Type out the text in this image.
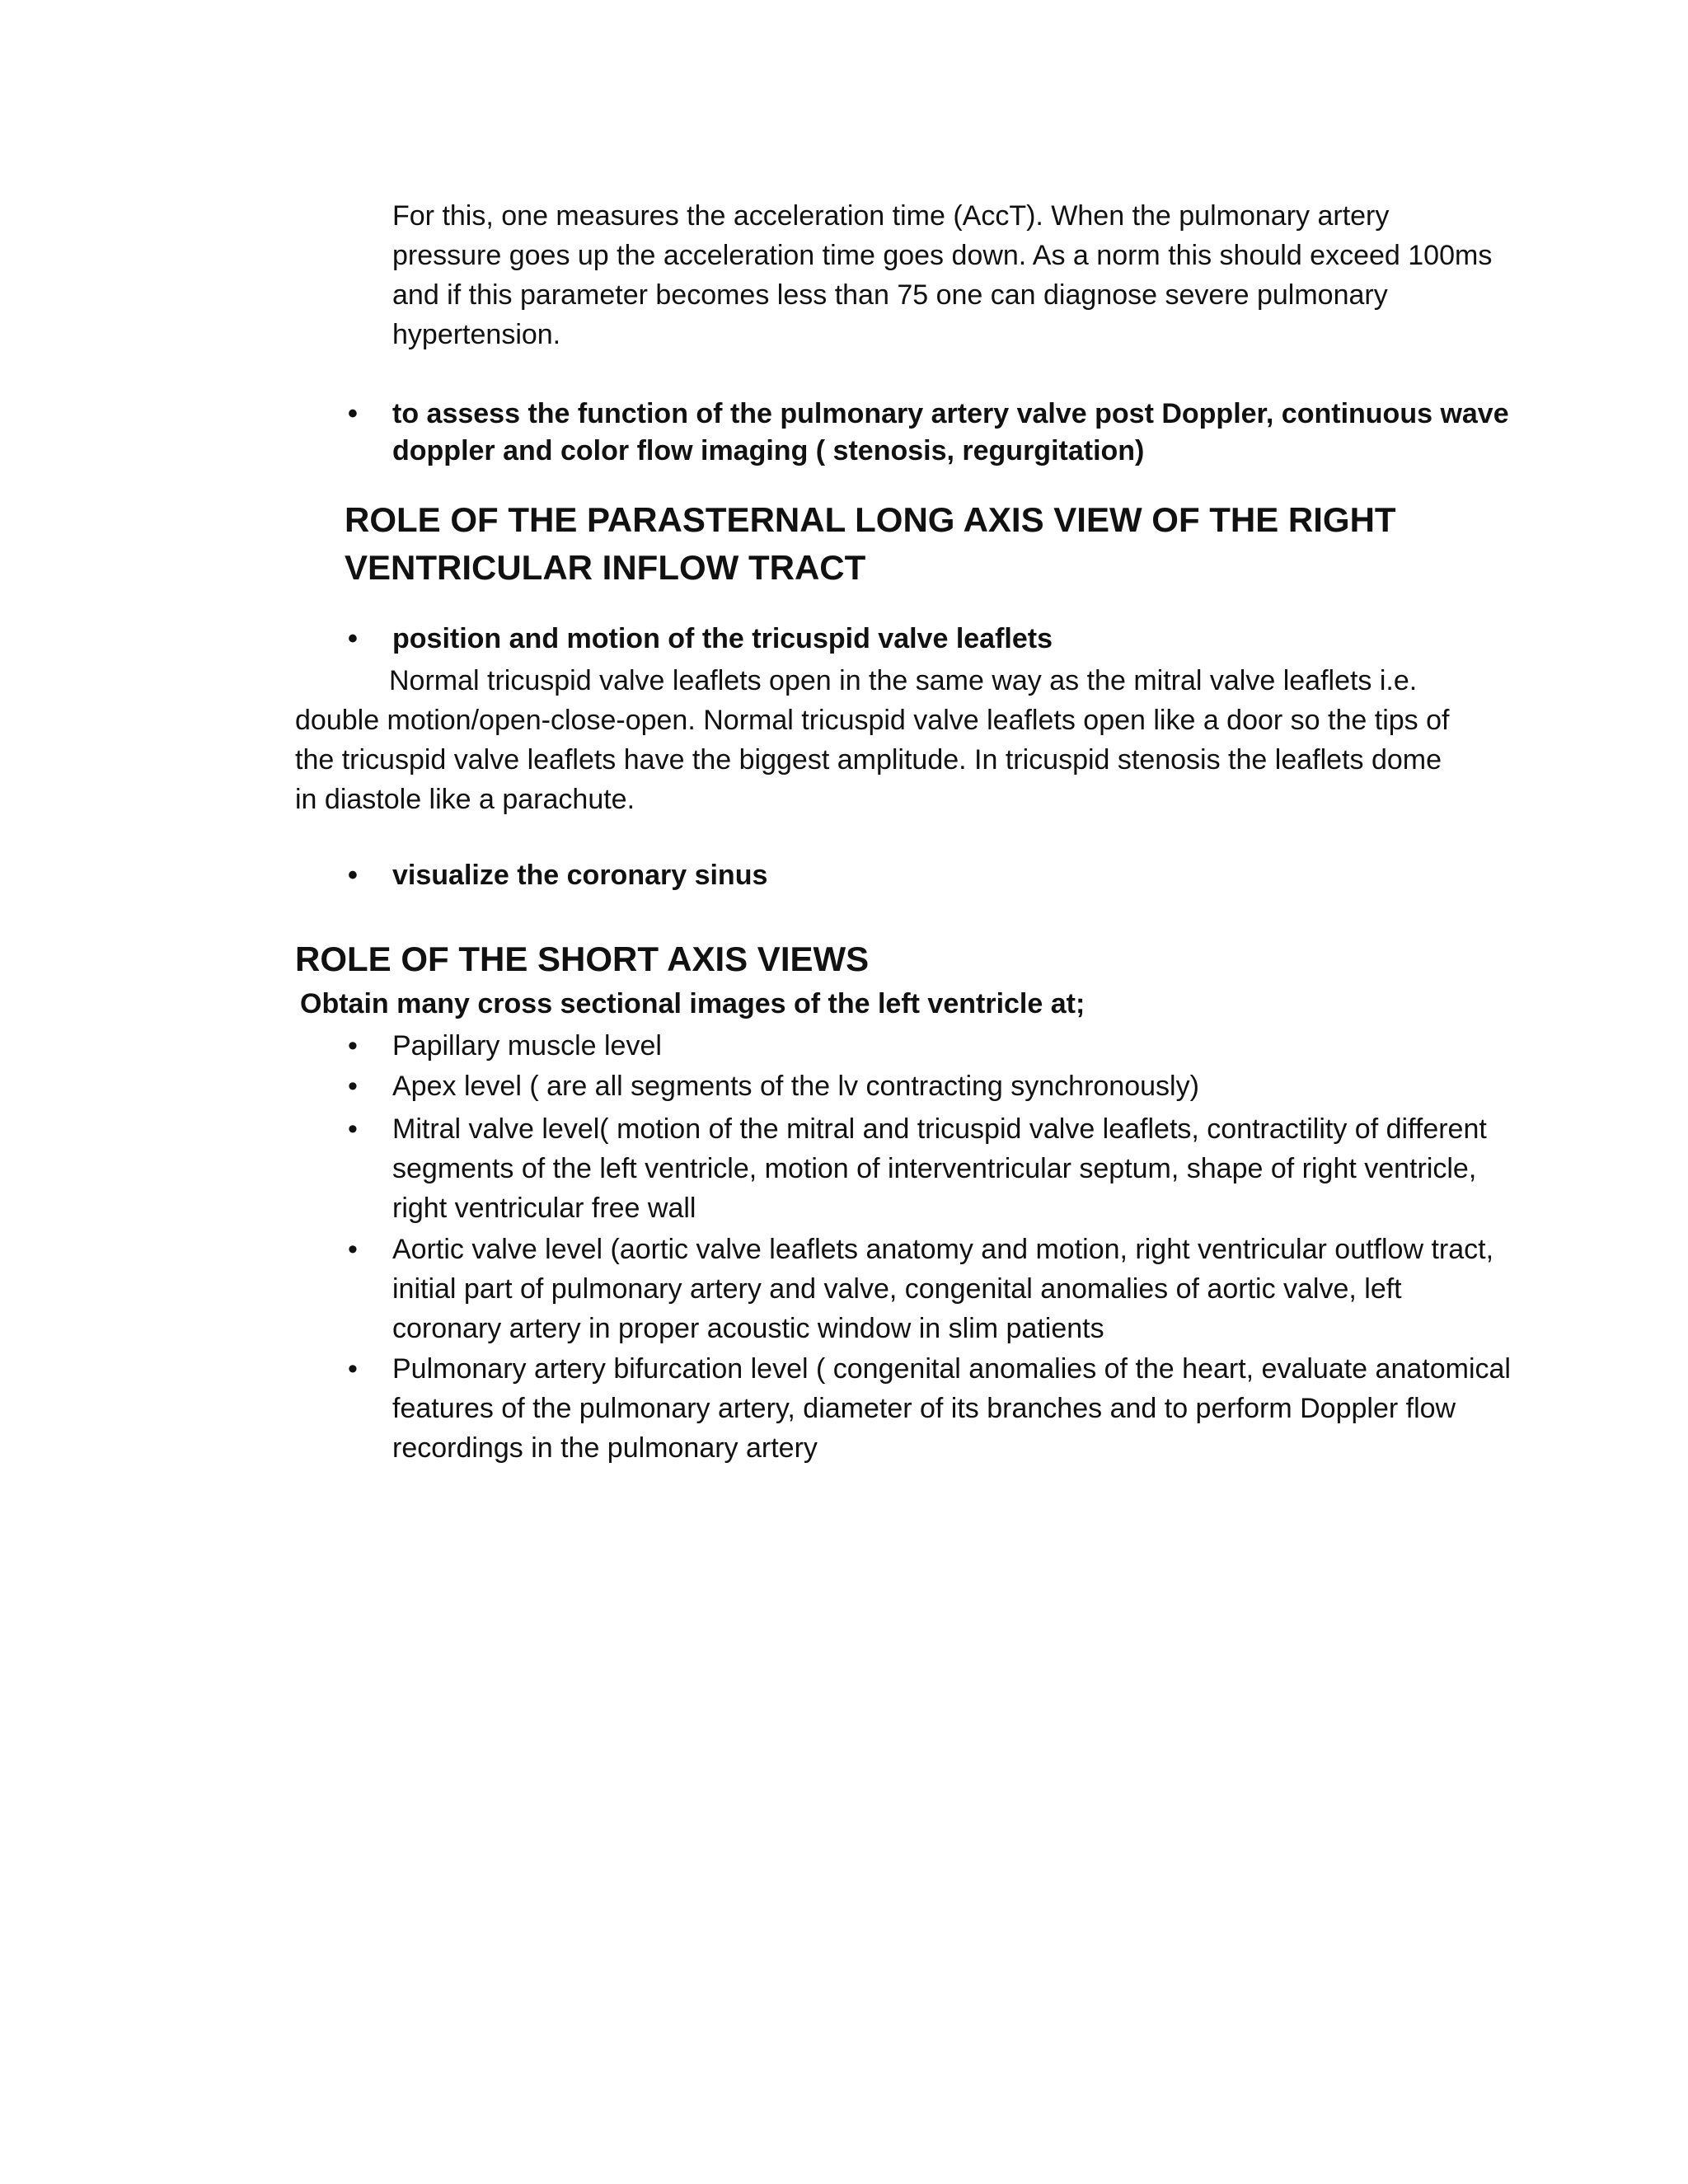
For this, one measures the acceleration time (AccT). When the pulmonary artery pressure goes up the acceleration time goes down. As a norm this should exceed 100ms and if this parameter becomes less than 75 one can diagnose severe pulmonary hypertension.

• to assess the function of the pulmonary artery valve post Doppler, continuous wave doppler and color flow imaging ( stenosis, regurgitation)
ROLE OF THE PARASTERNAL LONG AXIS VIEW OF THE RIGHT
VENTRICULAR INFLOW TRACT
• position and motion of the tricuspid valve leaflets

Normal tricuspid valve leaflets open in the same way as the mitral valve leaflets i.e. double motion/open-close-open. Normal tricuspid valve leaflets open like a door so the tips of the tricuspid valve leaflets have the biggest amplitude. In tricuspid stenosis the leaflets dome in diastole like a parachute.

• visualize the coronary sinus
ROLE OF THE SHORT AXIS VIEWS
Obtain many cross sectional images of the left ventricle at;
• Papillary muscle level
• Apex level ( are all segments of the lv contracting synchronously)
• Mitral valve level( motion of the mitral and tricuspid valve leaflets, contractility of different segments of the left ventricle, motion of interventricular septum, shape of right ventricle, right ventricular free wall
• Aortic valve level (aortic valve leaflets anatomy and motion, right ventricular outflow tract, initial part of pulmonary artery and valve, congenital anomalies of aortic valve, left coronary artery in proper acoustic window in slim patients
• Pulmonary artery bifurcation level ( congenital anomalies of the heart, evaluate anatomical features of the pulmonary artery, diameter of its branches and to perform Doppler flow recordings in the pulmonary artery
